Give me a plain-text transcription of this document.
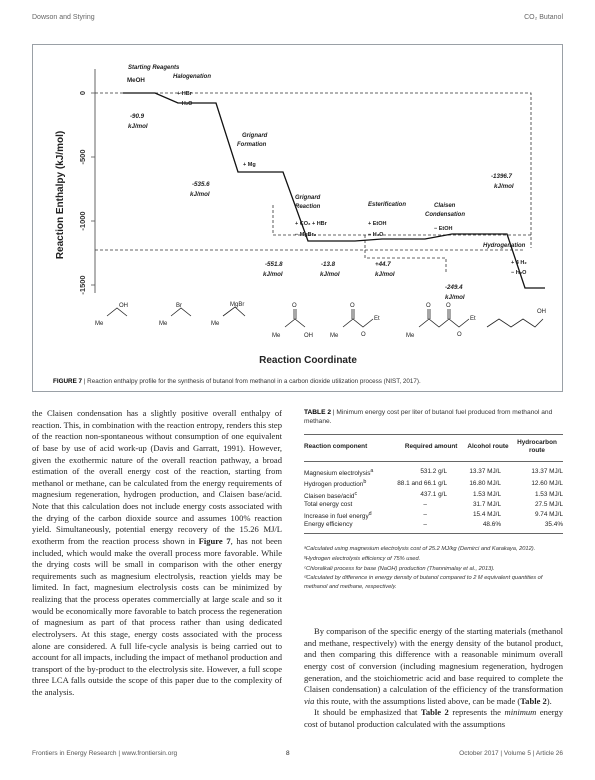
Dowson and Styring	CO₂ Butanol
0
-500
-1000
-1500
Reaction Enthalpy (kJ/mol)
Starting Reagents
MeOH	Halogenation
+ HBr
− H₂O
-90.9
kJ/mol
Grignard
Formation
+ Mg
-535.6
kJ/mol	Grignard
Reaction
+ CO₂ + HBr
− MgBr₂
-551.8
kJ/mol
Esterification
+ EtOH
− H₂O
-13.8
kJ/mol
Claisen
Condensation
− EtOH
+44.7
kJ/mol
-249.4
kJ/mol
Hydrogenation
+ 4 H₂
− H₂O
-1396.7
kJ/mol
OH
Me
Br
Me
MgBr
Me
O
Me	OH
O
Me	O
Et
O	O
Me	O
Et
OH
Reaction Coordinate
FIGURE 7 | Reaction enthalpy profile for the synthesis of butanol from methanol in a carbon dioxide utilization process (NIST, 2017).

the Claisen condensation has a slightly positive overall enthalpy of reaction. This, in combination with the reaction entropy, renders this step of the reaction non-spontaneous without consumption of one equivalent of base by use of acid work-up (Davis and Garratt, 1991). However, given the exothermic nature of the overall reaction pathway, a broad estimation of the overall energy cost of the reaction, starting from methanol or methane, can be calculated from the energy requirements of magnesium regeneration, hydrogen production, and Claisen base/acid. Note that this calculation does not include energy costs associated with the drying of the carbon dioxide source and assumes 100% reaction yield. Simultaneously, potential energy recovery of the 15.26 MJ/L exotherm from the reaction process shown in Figure 7, has not been included, which would make the overall process more favorable. While the drying costs will be small in comparison with the other energy requirements such as magnesium electrolysis, reaction yields may be limited. In fact, magnesium electrolysis costs can be minimized by realizing that the process operates commercially at large scale and so it would be economically more favorable to batch process the regeneration of magnesium as part of that process rather than using dedicated electrolysers. At this stage, energy costs associated with the process alone are considered. A full life-cycle analysis is being carried out to account for all impacts, including the impact of methanol production and transport of the by-product to the electrolysis site. However, a full scope three LCA falls outside the scope of this paper due to the complexity of the analysis.

TABLE 2 | Minimum energy cost per liter of butanol fuel produced from methanol and methane.
Reaction component	Required amount	Alcohol route	Hydrocarbon route
Magnesium electrolysis$^a$	531.2 g/L	13.37 MJ/L	13.37 MJ/L
Hydrogen production$^b$	88.1 and 66.1 g/L	16.80 MJ/L	12.60 MJ/L
Claisen base/acid$^c$	437.1 g/L	1.53 MJ/L	1.53 MJ/L
Total energy cost	–	31.7 MJ/L	27.5 MJ/L
Increase in fuel energy$^d$	–	15.4 MJ/L	9.74 MJ/L
Energy efficiency	–	48.6%	35.4%

ᵃCalculated using magnesium electrolysis cost of 25.2 MJ/kg (Demirci and Karakaya, 2012).

ᵇHydrogen electrolysis efficiency of 75% used.

ᶜChloralkali process for base (NaOH) production (Thannimalay et al., 2013).

ᵈCalculated by difference in energy density of butanol compared to 2 M equivalent quantities of methanol and methane, respectively.

By comparison of the specific energy of the starting materials (methanol and methane, respectively) with the energy density of the butanol product, and then comparing this difference with a reasonable minimum overall energy cost of conversion (including magnesium regeneration, hydrogen generation, and the stoichiometric acid and base required to complete the Claisen condensation) a calculation of the efficiency of the transformation via this route, with the assumptions listed above, can be made (Table 2).

It should be emphasized that Table 2 represents the minimum energy cost of butanol production calculated with the assumptions

Frontiers in Energy Research | www.frontiersin.org	8	October 2017 | Volume 5 | Article 26
